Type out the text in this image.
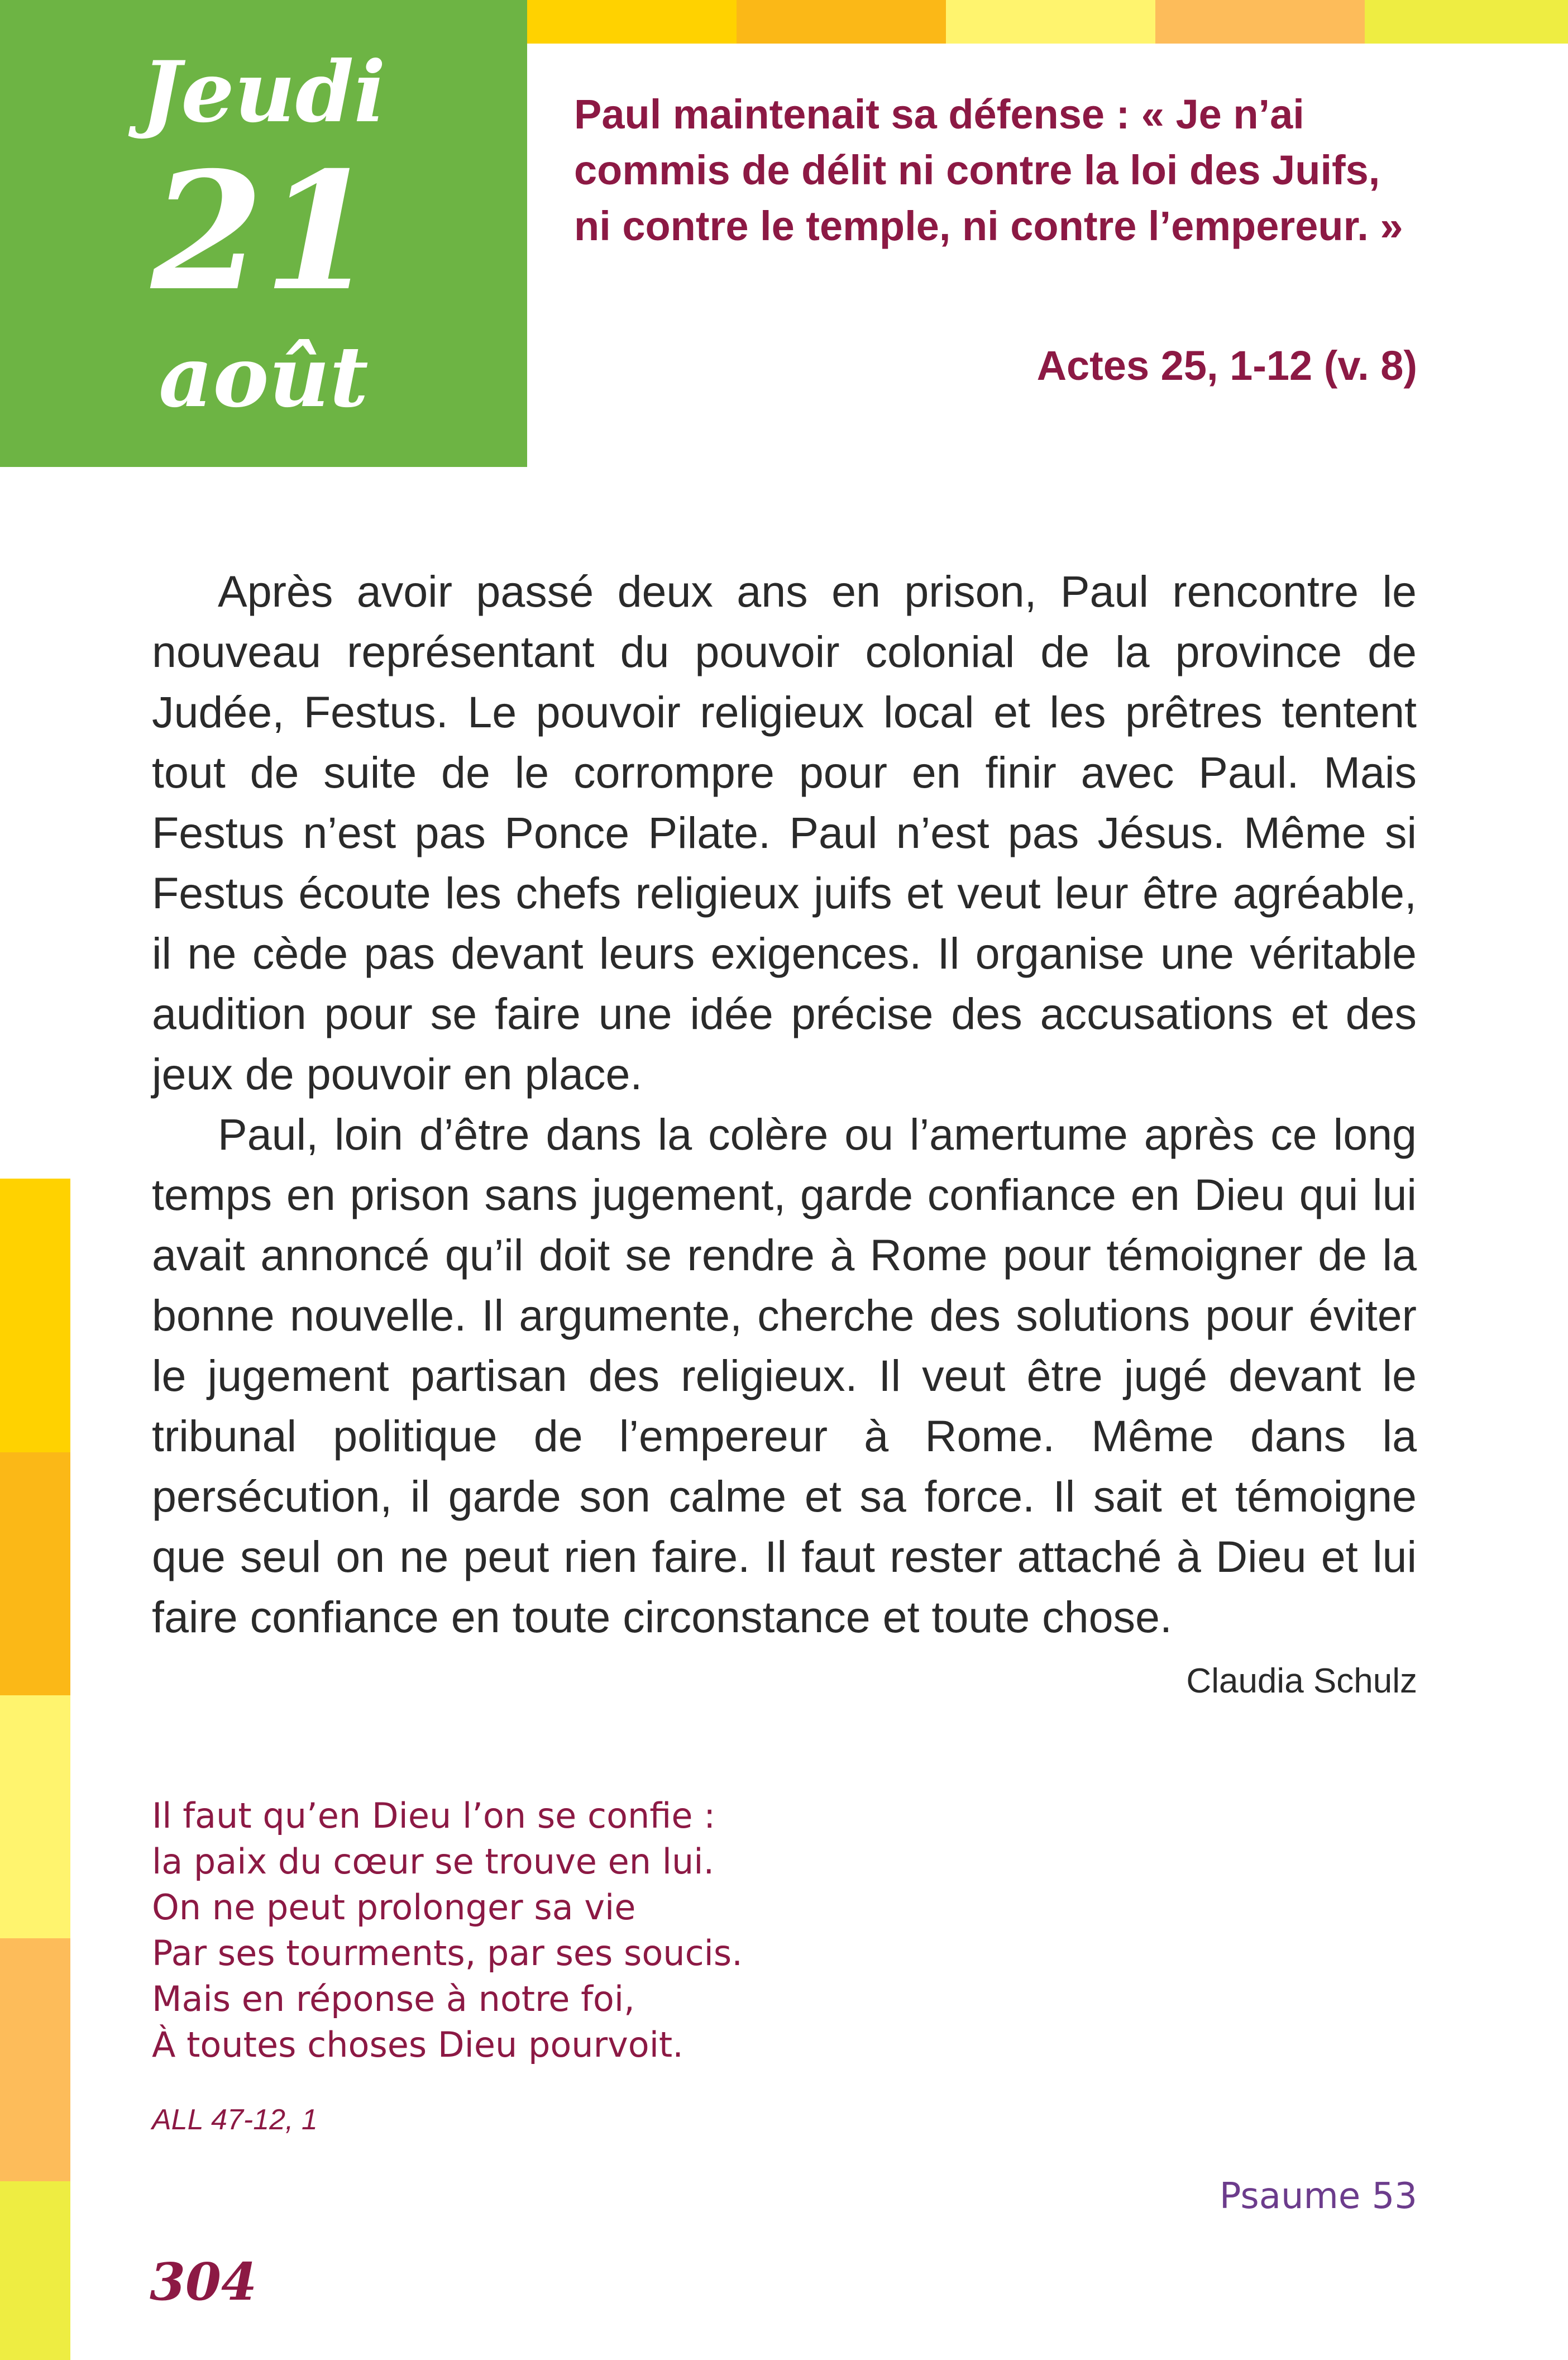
Jeudi
21
août
Paul maintenait sa défense : « Je n’ai commis de délit ni contre la loi des Juifs, ni contre le temple, ni contre l’empereur. »
Actes 25, 1-12 (v. 8)

Après avoir passé deux ans en prison, Paul rencontre le nouveau représentant du pouvoir colonial de la province de Judée, Festus. Le pouvoir religieux local et les prêtres tentent tout de suite de le corrompre pour en finir avec Paul. Mais Festus n’est pas Ponce Pilate. Paul n’est pas Jésus. Même si Festus écoute les chefs religieux juifs et veut leur être agréable, il ne cède pas devant leurs exigences. Il organise une véritable audition pour se faire une idée précise des accusations et des jeux de pouvoir en place.

Paul, loin d’être dans la colère ou l’amertume après ce long temps en prison sans jugement, garde confiance en Dieu qui lui avait annoncé qu’il doit se rendre à Rome pour témoigner de la bonne nouvelle. Il argumente, cherche des solutions pour éviter le jugement partisan des religieux. Il veut être jugé devant le tribunal politique de l’empereur à Rome. Même dans la persécution, il garde son calme et sa force. Il sait et témoigne que seul on ne peut rien faire. Il faut rester attaché à Dieu et lui faire confiance en toute circonstance et toute chose.

Claudia Schulz
Il faut qu’en Dieu l’on se confie :
la paix du cœur se trouve en lui.
On ne peut prolonger sa vie
Par ses tourments, par ses soucis.
Mais en réponse à notre foi,
À toutes choses Dieu pourvoit.
ALL 47-12, 1
Psaume 53
304
